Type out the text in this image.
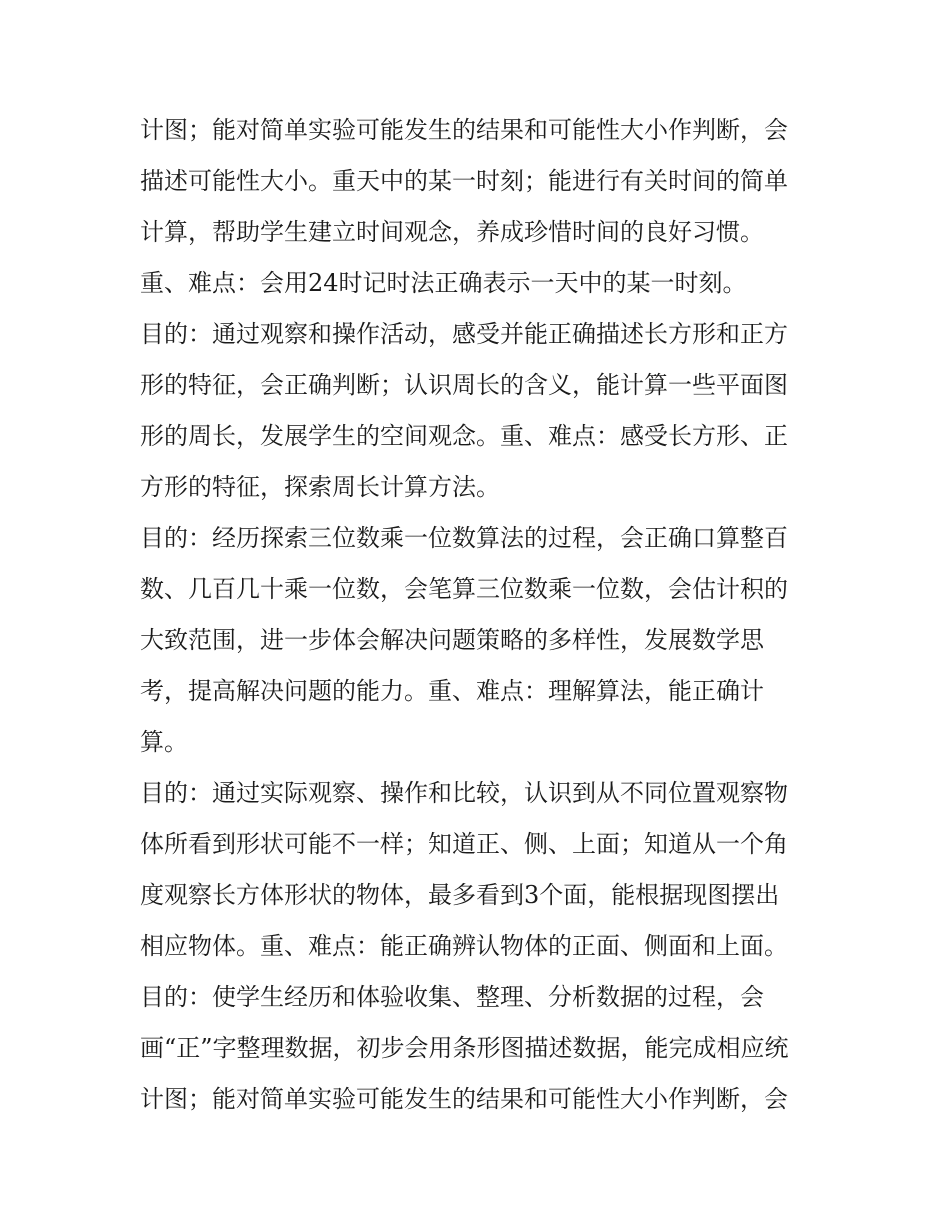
计图；能对简单实验可能发生的结果和可能性大小作判断，会
描述可能性大小。重天中的某一时刻；能进行有关时间的简单
计算，帮助学生建立时间观念，养成珍惜时间的良好习惯。
重、难点：会用24时记时法正确表示一天中的某一时刻。
目的：通过观察和操作活动，感受并能正确描述长方形和正方
形的特征，会正确判断；认识周长的含义，能计算一些平面图
形的周长，发展学生的空间观念。重、难点：感受长方形、正
方形的特征，探索周长计算方法。
目的：经历探索三位数乘一位数算法的过程，会正确口算整百
数、几百几十乘一位数，会笔算三位数乘一位数，会估计积的
大致范围，进一步体会解决问题策略的多样性，发展数学思
考，提高解决问题的能力。重、难点：理解算法，能正确计
算。
目的：通过实际观察、操作和比较，认识到从不同位置观察物
体所看到形状可能不一样；知道正、侧、上面；知道从一个角
度观察长方体形状的物体，最多看到3个面，能根据现图摆出
相应物体。重、难点：能正确辨认物体的正面、侧面和上面。
目的：使学生经历和体验收集、整理、分析数据的过程，会
画“正”字整理数据，初步会用条形图描述数据，能完成相应统
计图；能对简单实验可能发生的结果和可能性大小作判断，会
